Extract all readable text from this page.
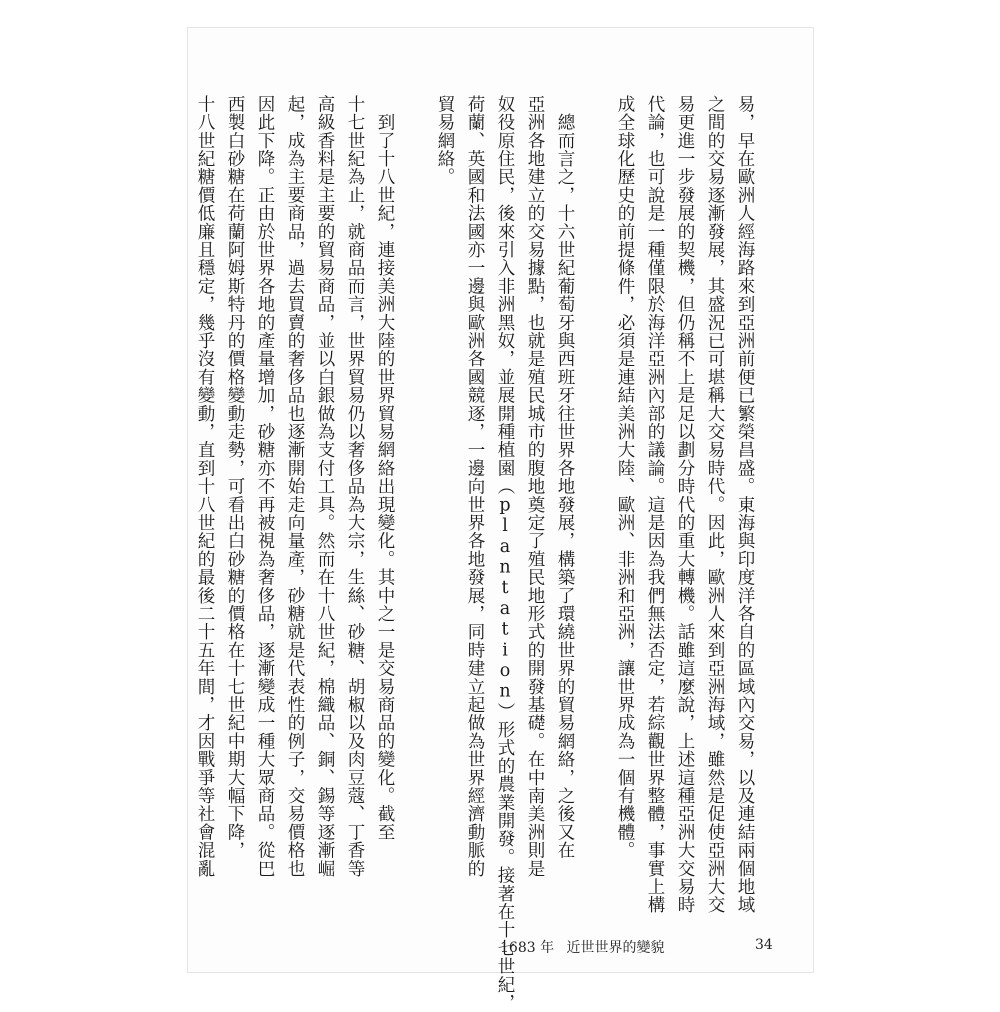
易，早在歐洲人經海路來到亞洲前便已繁榮昌盛。東海與印度洋各自的區域內交易，以及連結兩個地域
之間的交易逐漸發展，其盛況已可堪稱大交易時代。因此，歐洲人來到亞洲海域，雖然是促使亞洲大交
易更進一步發展的契機，但仍稱不上是足以劃分時代的重大轉機。話雖這麼說，上述這種亞洲大交易時
代論，也可說是一種僅限於海洋亞洲內部的議論。這是因為我們無法否定，若綜觀世界整體，事實上構
成全球化歷史的前提條件，必須是連結美洲大陸、歐洲、非洲和亞洲，讓世界成為一個有機體。
　總而言之，十六世紀葡萄牙與西班牙往世界各地發展，構築了環繞世界的貿易網絡，之後又在
亞洲各地建立的交易據點，也就是殖民城市的腹地奠定了殖民地形式的開發基礎。在中南美洲則是
奴役原住民，後來引入非洲黑奴，並展開種植園（plantation）形式的農業開發。接著在十七世紀，
荷蘭、英國和法國亦一邊與歐洲各國競逐，一邊向世界各地發展，同時建立起做為世界經濟動脈的
貿易網絡。
　到了十八世紀，連接美洲大陸的世界貿易網絡出現變化。其中之一是交易商品的變化。截至
十七世紀為止，就商品而言，世界貿易仍以奢侈品為大宗，生絲、砂糖、胡椒以及肉豆蔻、丁香等
高級香料是主要的貿易商品，並以白銀做為支付工具。然而在十八世紀，棉織品、銅、錫等逐漸崛
起，成為主要商品，過去買賣的奢侈品也逐漸開始走向量產，砂糖就是代表性的例子，交易價格也
因此下降。正由於世界各地的產量增加，砂糖亦不再被視為奢侈品，逐漸變成一種大眾商品。從巴
西製白砂糖在荷蘭阿姆斯特丹的價格變動走勢，可看出白砂糖的價格在十七世紀中期大幅下降，
十八世紀糖價低廉且穩定，幾乎沒有變動，直到十八世紀的最後二十五年間，才因戰爭等社會混亂
1683 年 近世世界的變貌	34
